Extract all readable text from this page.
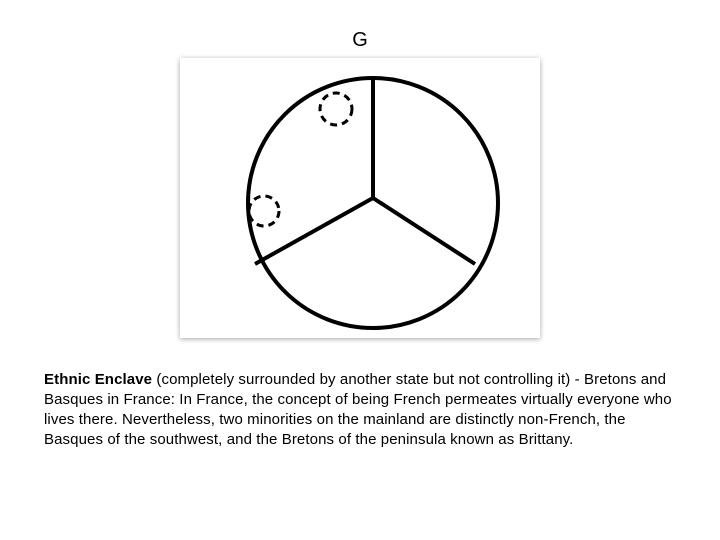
G
Ethnic Enclave (completely surrounded by another state but not controlling it) - Bretons and Basques in France: In France, the concept of being French permeates virtually everyone who lives there. Nevertheless, two minorities on the mainland are distinctly non-French, the Basques of the southwest, and the Bretons of the peninsula known as Brittany.
